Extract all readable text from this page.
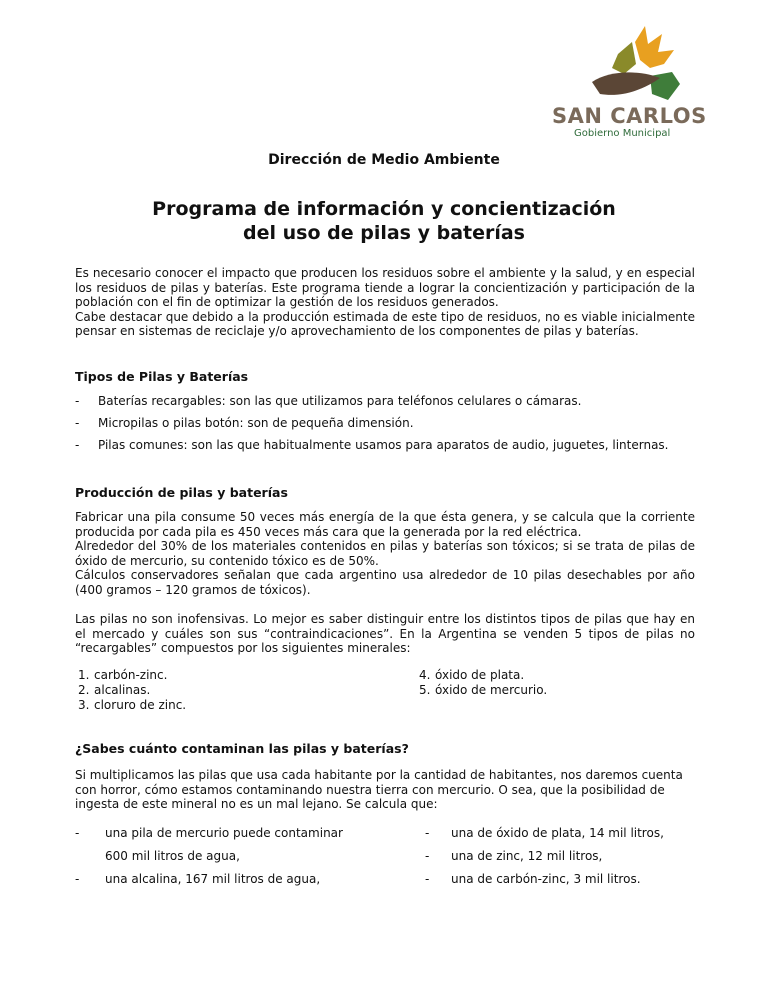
SAN CARLOS
Gobierno Municipal
Dirección de Medio Ambiente
Programa de información y concientización
del uso de pilas y baterías

Es necesario conocer el impacto que producen los residuos sobre el ambiente y la salud, y en especial los residuos de pilas y baterías. Este programa tiende a lograr la concientización y participación de la población con el fin de optimizar la gestión de los residuos generados.

Cabe destacar que debido a la producción estimada de este tipo de residuos, no es viable inicialmente pensar en sistemas de reciclaje y/o aprovechamiento de los componentes de pilas y baterías.

Tipos de Pilas y Baterías
- Baterías recargables: son las que utilizamos para teléfonos celulares o cámaras.
- Micropilas o pilas botón: son de pequeña dimensión.
- Pilas comunes: son las que habitualmente usamos para aparatos de audio, juguetes, linternas.
Producción de pilas y baterías

Fabricar una pila consume 50 veces más energía de la que ésta genera, y se calcula que la corriente producida por cada pila es 450 veces más cara que la generada por la red eléctrica.

Alrededor del 30% de los materiales contenidos en pilas y baterías son tóxicos; si se trata de pilas de óxido de mercurio, su contenido tóxico es de 50%.

Cálculos conservadores señalan que cada argentino usa alrededor de 10 pilas desechables por año (400 gramos – 120 gramos de tóxicos).

Las pilas no son inofensivas. Lo mejor es saber distinguir entre los distintos tipos de pilas que hay en el mercado y cuáles son sus “contraindicaciones”. En la Argentina se venden 5 tipos de pilas no “recargables” compuestos por los siguientes minerales:

1. carbón-zinc.
2. alcalinas.
3. cloruro de zinc.
4. óxido de plata.
5. óxido de mercurio.
¿Sabes cuánto contaminan las pilas y baterías?

Si multiplicamos las pilas que usa cada habitante por la cantidad de habitantes, nos daremos cuenta con horror, cómo estamos contaminando nuestra tierra con mercurio. O sea, que la posibilidad de ingesta de este mineral no es un mal lejano. Se calcula que:

- una pila de mercurio puede contaminar
600 mil litros de agua,
- una alcalina, 167 mil litros de agua,
- una de óxido de plata, 14 mil litros,
- una de zinc, 12 mil litros,
- una de carbón-zinc, 3 mil litros.
